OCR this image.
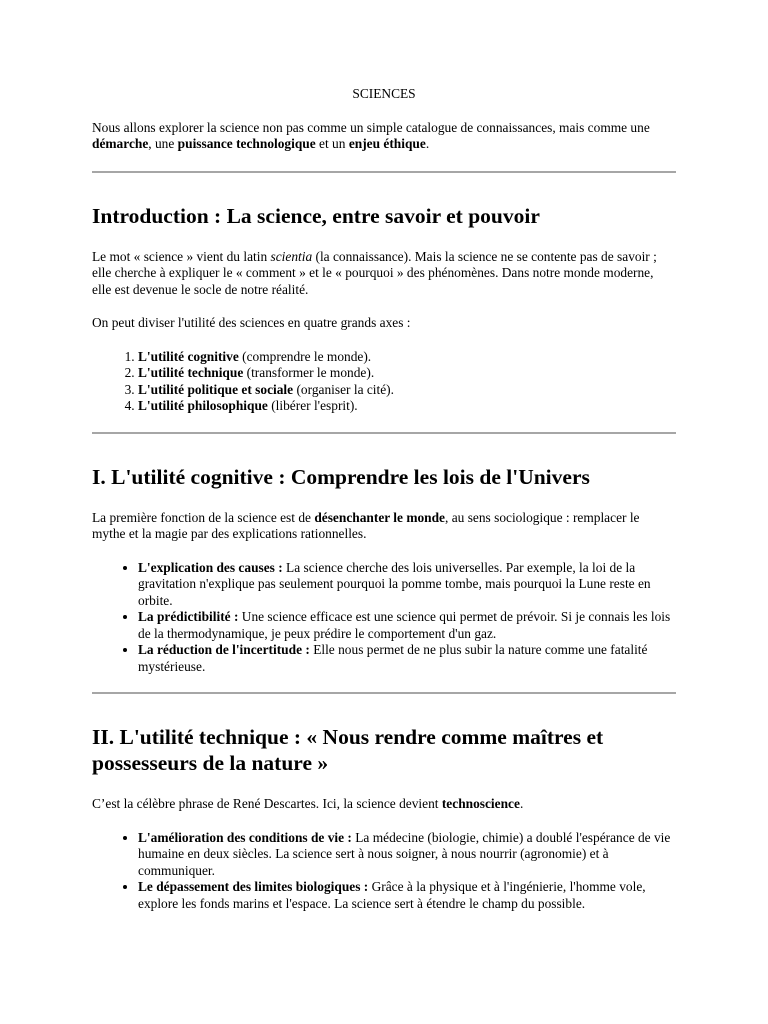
SCIENCES

Nous allons explorer la science non pas comme un simple catalogue de connaissances, mais comme une démarche, une puissance technologique et un enjeu éthique.

Introduction : La science, entre savoir et pouvoir

Le mot « science » vient du latin scientia (la connaissance). Mais la science ne se contente pas de savoir ; elle cherche à expliquer le « comment » et le « pourquoi » des phénomènes. Dans notre monde moderne, elle est devenue le socle de notre réalité.

On peut diviser l'utilité des sciences en quatre grands axes :

1. L'utilité cognitive (comprendre le monde).
2. L'utilité technique (transformer le monde).
3. L'utilité politique et sociale (organiser la cité).
4. L'utilité philosophique (libérer l'esprit).
I. L'utilité cognitive : Comprendre les lois de l'Univers

La première fonction de la science est de désenchanter le monde, au sens sociologique : remplacer le mythe et la magie par des explications rationnelles.

• L'explication des causes : La science cherche des lois universelles. Par exemple, la loi de la gravitation n'explique pas seulement pourquoi la pomme tombe, mais pourquoi la Lune reste en orbite.
• La prédictibilité : Une science efficace est une science qui permet de prévoir. Si je connais les lois de la thermodynamique, je peux prédire le comportement d'un gaz.
• La réduction de l'incertitude : Elle nous permet de ne plus subir la nature comme une fatalité mystérieuse.
II. L'utilité technique : « Nous rendre comme maîtres et possesseurs de la nature »

C’est la célèbre phrase de René Descartes. Ici, la science devient technoscience.

• L'amélioration des conditions de vie : La médecine (biologie, chimie) a doublé l'espérance de vie humaine en deux siècles. La science sert à nous soigner, à nous nourrir (agronomie) et à communiquer.
• Le dépassement des limites biologiques : Grâce à la physique et à l'ingénierie, l'homme vole, explore les fonds marins et l'espace. La science sert à étendre le champ du possible.
